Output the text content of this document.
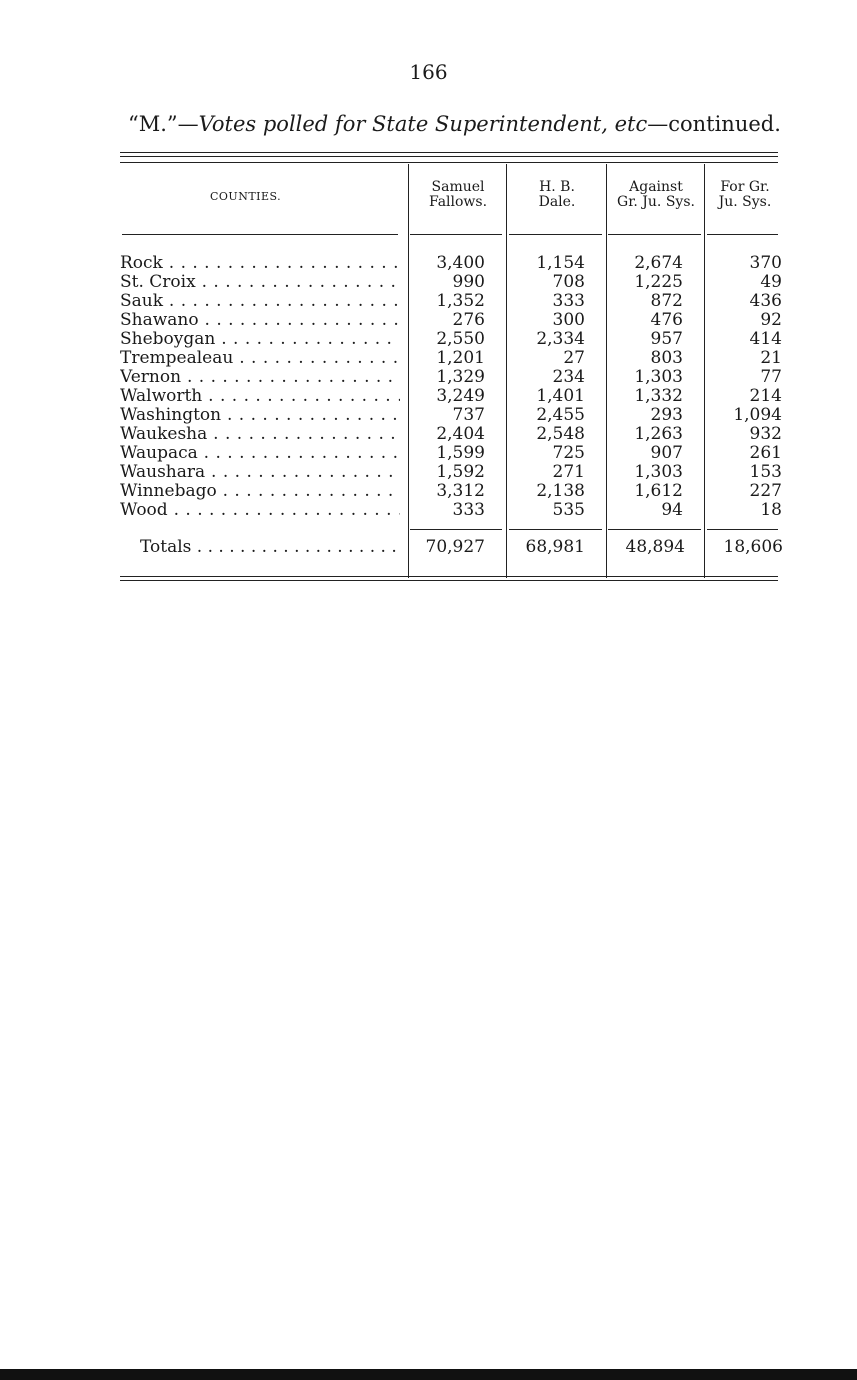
166
“M.”—Votes polled for State Superintendent, etc—continued.
COUNTIES.
Samuel
Fallows.
H. B.
Dale.
Against
Gr. Ju. Sys.
For Gr.
Ju. Sys.
Rock . . .	3,400	1,154	2,674	370
St. Croix . . .	990	708	1,225	49
Sauk . . .	1,352	333	872	436
Shawano . . .	276	300	476	92
Sheboygan . . .	2,550	2,334	957	414
Trempealeau . . .	1,201	27	803	21
Vernon . . .	1,329	234	1,303	77
Walworth . . .	3,249	1,401	1,332	214
Washington . . .	737	2,455	293	1,094
Waukesha . . .	2,404	2,548	1,263	932
Waupaca . . .	1,599	725	907	261
Waushara . . .	1,592	271	1,303	153
Winnebago . . .	3,312	2,138	1,612	227
Wood . . .	333	535	94	18
Totals . . .	70,927	68,981	48,894	18,606
